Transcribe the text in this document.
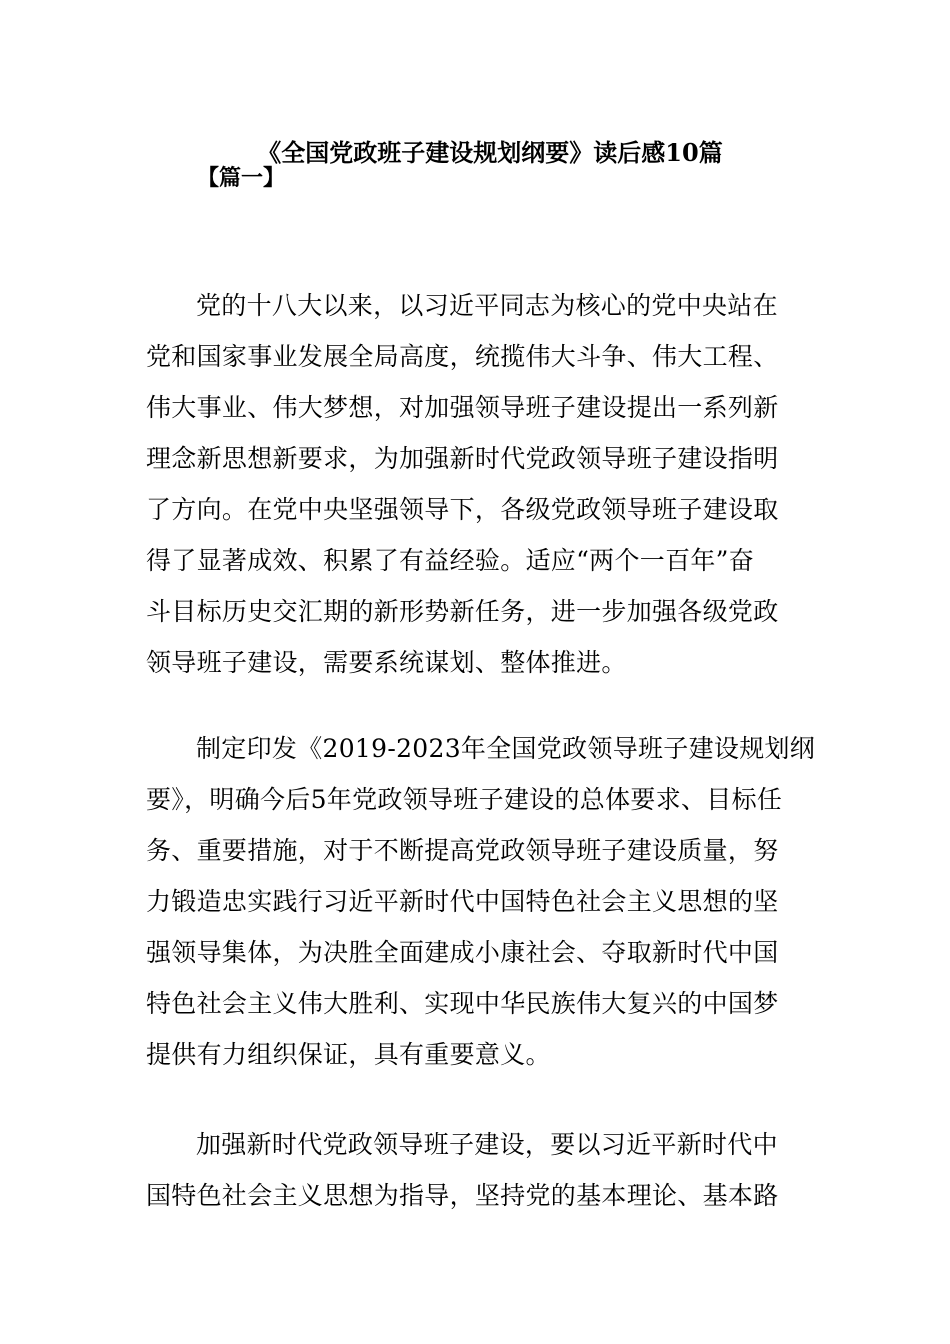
《全国党政班子建设规划纲要》读后感10篇
【篇一】
党的十八大以来，以习近平同志为核心的党中央站在
党和国家事业发展全局高度，统揽伟大斗争、伟大工程、
伟大事业、伟大梦想，对加强领导班子建设提出一系列新
理念新思想新要求，为加强新时代党政领导班子建设指明
了方向。在党中央坚强领导下，各级党政领导班子建设取
得了显著成效、积累了有益经验。适应“两个一百年”奋
斗目标历史交汇期的新形势新任务，进一步加强各级党政
领导班子建设，需要系统谋划、整体推进。
制定印发《2019-2023年全国党政领导班子建设规划纲
要》，明确今后5年党政领导班子建设的总体要求、目标任
务、重要措施，对于不断提高党政领导班子建设质量，努
力锻造忠实践行习近平新时代中国特色社会主义思想的坚
强领导集体，为决胜全面建成小康社会、夺取新时代中国
特色社会主义伟大胜利、实现中华民族伟大复兴的中国梦
提供有力组织保证，具有重要意义。
加强新时代党政领导班子建设，要以习近平新时代中
国特色社会主义思想为指导，坚持党的基本理论、基本路
